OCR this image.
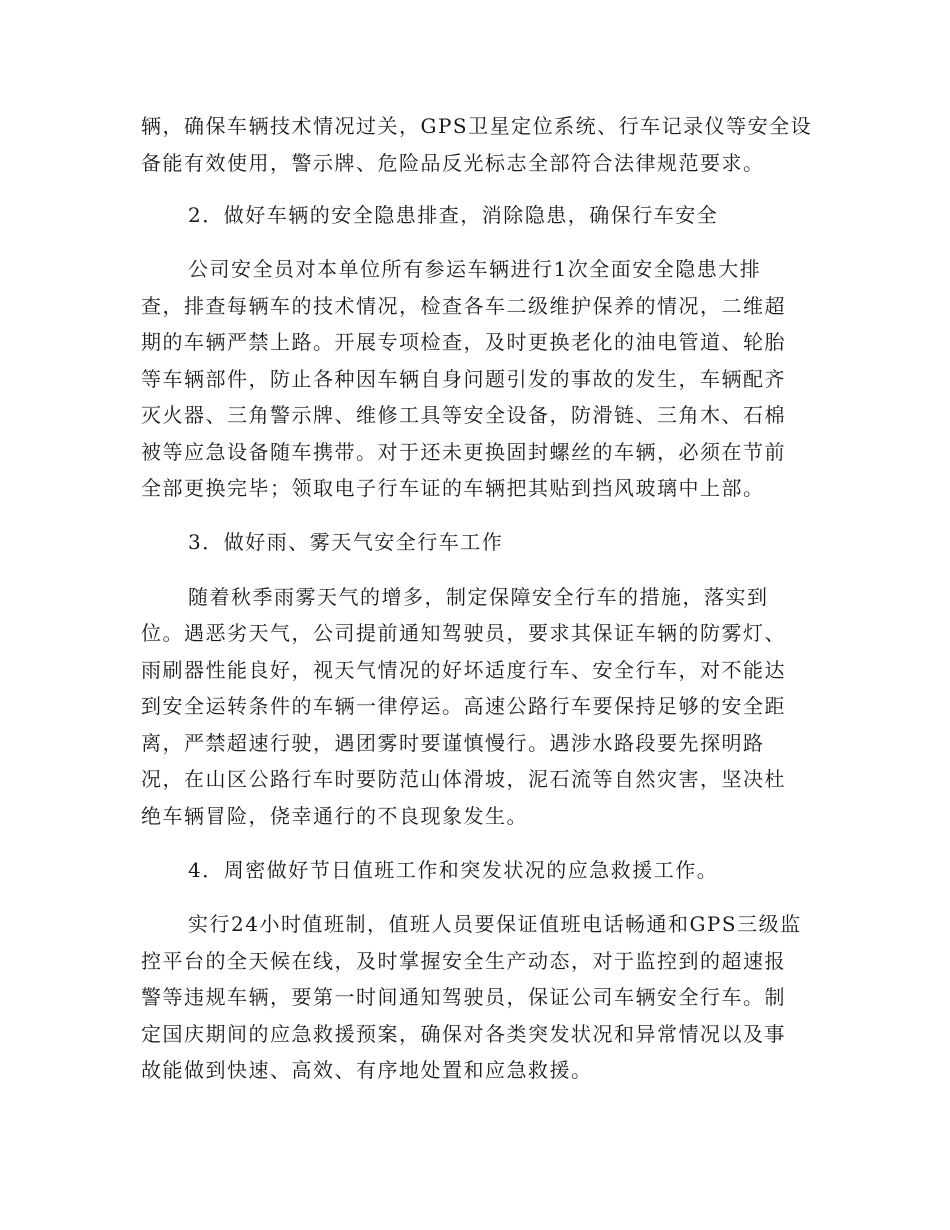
辆，确保车辆技术情况过关，GPS卫星定位系统、行车记录仪等安全设
备能有效使用，警示牌、危险品反光标志全部符合法律规范要求。
2．做好车辆的安全隐患排查，消除隐患，确保行车安全
公司安全员对本单位所有参运车辆进行1次全面安全隐患大排
查，排查每辆车的技术情况，检查各车二级维护保养的情况，二维超
期的车辆严禁上路。开展专项检查，及时更换老化的油电管道、轮胎
等车辆部件，防止各种因车辆自身问题引发的事故的发生，车辆配齐
灭火器、三角警示牌、维修工具等安全设备，防滑链、三角木、石棉
被等应急设备随车携带。对于还未更换固封螺丝的车辆，必须在节前
全部更换完毕；领取电子行车证的车辆把其贴到挡风玻璃中上部。
3．做好雨、雾天气安全行车工作
随着秋季雨雾天气的增多，制定保障安全行车的措施，落实到
位。遇恶劣天气，公司提前通知驾驶员，要求其保证车辆的防雾灯、
雨刷器性能良好，视天气情况的好坏适度行车、安全行车，对不能达
到安全运转条件的车辆一律停运。高速公路行车要保持足够的安全距
离，严禁超速行驶，遇团雾时要谨慎慢行。遇涉水路段要先探明路
况，在山区公路行车时要防范山体滑坡，泥石流等自然灾害，坚决杜
绝车辆冒险，侥幸通行的不良现象发生。
4．周密做好节日值班工作和突发状况的应急救援工作。
实行24小时值班制，值班人员要保证值班电话畅通和GPS三级监
控平台的全天候在线，及时掌握安全生产动态，对于监控到的超速报
警等违规车辆，要第一时间通知驾驶员，保证公司车辆安全行车。制
定国庆期间的应急救援预案，确保对各类突发状况和异常情况以及事
故能做到快速、高效、有序地处置和应急救援。
